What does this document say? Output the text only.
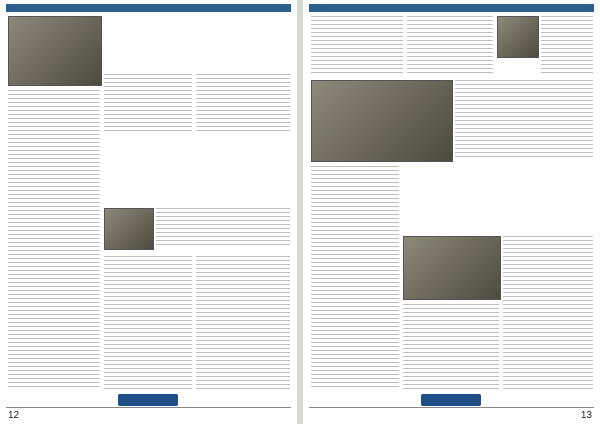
12	13
